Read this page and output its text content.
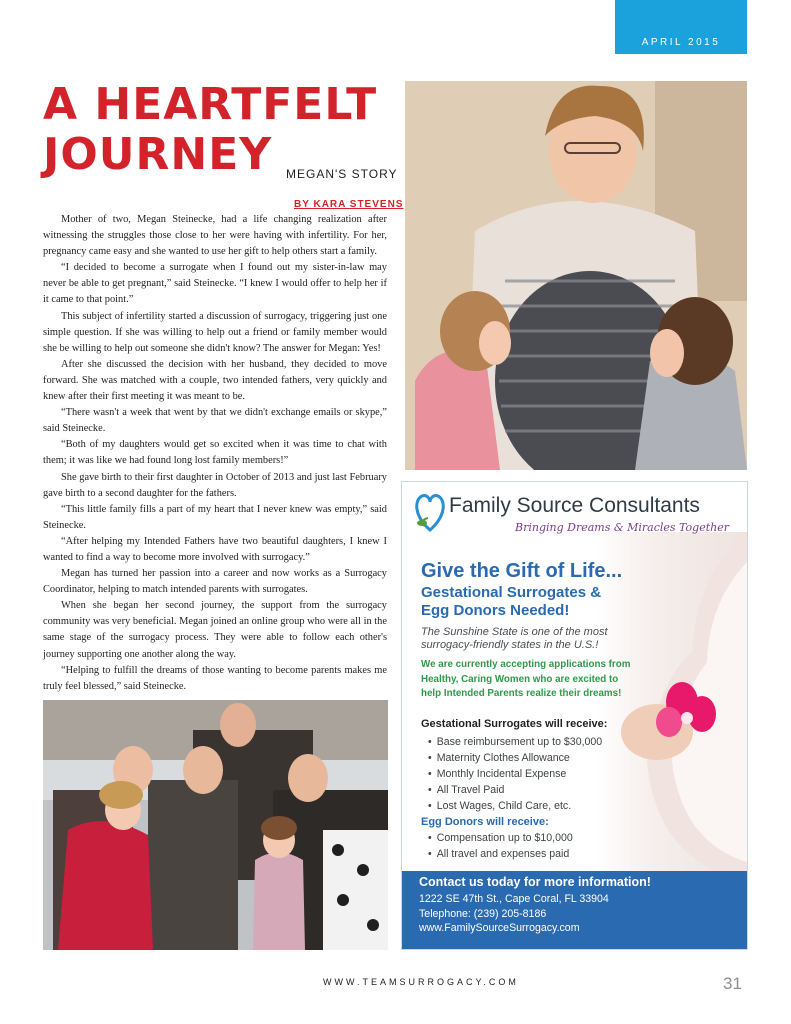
APRIL 2015
A HEARTFELT
JOURNEY	MEGAN'S STORY
BY KARA STEVENS

Mother of two, Megan Steinecke, had a life changing realization after witnessing the struggles those close to her were having with infertility. For her, pregnancy came easy and she wanted to use her gift to help others start a family.

“I decided to become a surrogate when I found out my sister-in-law may never be able to get pregnant,” said Steinecke. “I knew I would offer to help her if it came to that point.”

This subject of infertility started a discussion of surrogacy, triggering just one simple question. If she was willing to help out a friend or family member would she be willing to help out someone she didn't know? The answer for Megan: Yes!

After she discussed the decision with her husband, they decided to move forward. She was matched with a couple, two intended fathers, very quickly and knew after their first meeting it was meant to be.

“There wasn't a week that went by that we didn't exchange emails or skype,” said Steinecke.

“Both of my daughters would get so excited when it was time to chat with them; it was like we had found long lost family members!”

She gave birth to their first daughter in October of 2013 and just last February gave birth to a second daughter for the fathers.

“This little family fills a part of my heart that I never knew was empty,” said Steinecke.

“After helping my Intended Fathers have two beautiful daughters, I knew I wanted to find a way to become more involved with surrogacy.”

Megan has turned her passion into a career and now works as a Surrogacy Coordinator, helping to match intended parents with surrogates.

When she began her second journey, the support from the surrogacy community was very beneficial. Megan joined an online group who were all in the same stage of the surrogacy process. They were able to follow each other's journey supporting one another along the way.

“Helping to fulfill the dreams of those wanting to become parents makes me truly feel blessed,” said Steinecke.

Family Source Consultants
Bringing Dreams & Miracles Together
Give the Gift of Life...
Gestational Surrogates &
Egg Donors Needed!
The Sunshine State is one of the most surrogacy-friendly states in the U.S.!
We are currently accepting applications from Healthy, Caring Women who are excited to help Intended Parents realize their dreams!
Gestational Surrogates will receive:
• Base reimbursement up to $30,000
• Maternity Clothes Allowance
• Monthly Incidental Expense
• All Travel Paid
• Lost Wages, Child Care, etc.
Egg Donors will receive:
• Compensation up to $10,000
• All travel and expenses paid
Contact us today for more information!
1222 SE 47th St., Cape Coral, FL 33904
Telephone: (239) 205-8186
www.FamilySourceSurrogacy.com
WWW.TEAMSURROGACY.COM	31
